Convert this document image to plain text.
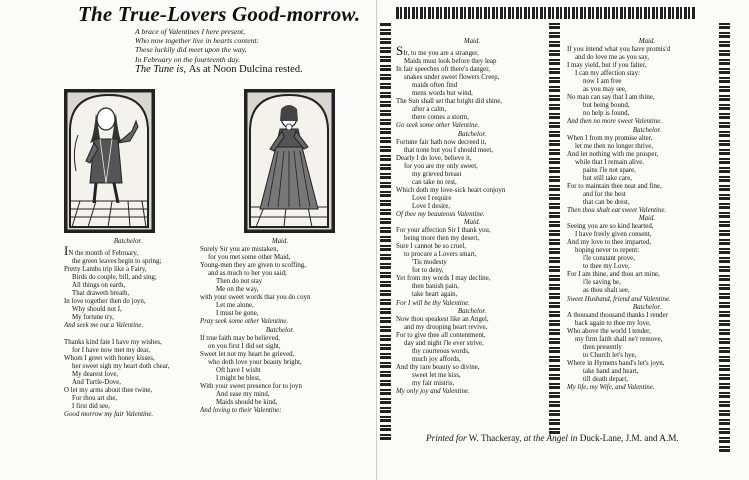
The True-Lovers Good-morrow.
A brace of Valentines I here present,
Who now together live in hearts content:
These luckily did meet upon the way,
In February on the fourteenth day.
The Tune is, As at Noon Dulcina rested.
Batchelor.
IN the month of February,
the green leaves begin to spring;
Pretty Lambs trip like a Fairy,
Birds do couple, bill, and sing;
All things on earth,
That draweth breath,
In love together then do joyn,
Why should not I,
My fortune try,
And seek me out a Valentine.
Thanks kind fate I have my wishes,
for I have now met my dear,
Whom I greet with honey kisses,
her sweet sigh my heart doth chear,
My dearest love,
And Turtle-Dove,
O let my arms about thee twine,
For thou art she,
I first did see,
Good morrow my fair Valentine.
Maid.
Surely Sir you are mistaken,
for you met some other Maid,
Young-men they are given to scoffing,
and as much to her you said;
Then do not stay
Me on the way,
with your sweet words that you do coyn
Let me alone,
I must be gone,
Pray seek some other Valentine.
Batchelor.
If true faith may be believed,
on you first I did set sight,
Sweet let not my heart be grieved,
who doth love your beauty bright,
Oft have I wisht
I might be blest,
With your sweet presence for to joyn
And ease my mind,
Maids should be kind,
And loving to their Valentine:
Maid.
SIr, to me you are a stranger,
Maids must look before they leap
In fair speeches oft there's danger,
snakes under sweet flowers Creep,
maids often find
mens words but wind,
The Sun shall set that bright did shine,
after a calm,
there comes a storm,
Go seek some other Valentine.
Batchelor.
Fortune fair hath now decreed it,
that none but you I should meet,
Dearly I do love, believe it,
for you are my only sweet,
my grieved breast
can take no rest,
Which doth my love-sick heart conjoyn
Love I require
Love I desire,
Of thee my beauteous Valentine.
Maid.
For your affection Sir I thank you,
being more then my desert,
Sure I cannot be so cruel,
to procure a Lovers smart,
'Tis modesty
for to deny,
Yet from my words I may decline,
then banish pain,
take heart again,
For I will be thy Valentine.
Batchelor.
Now thou speakest like an Angel,
and my drooping heart revive,
For to give thee all contentment,
day and night i'le ever strive,
thy courteous words,
much joy affords,
And thy rare beauty so divine,
sweet let me kiss,
my fair mistris,
My only joy and Valentine.
Maid.
If you intend what you have promis'd
and do love me as you say,
I may yield, but if you falter,
I can my affection stay:
now I am free
as you may see,
No man can say that I am thine,
but being bound,
no help is found,
And then no more sweet Valentine.
Batchelor.
When I from my promise alter,
let me then no longer thrive,
And let nothing with me prosper,
while that I remain alive.
pains i'le not spare,
but still take care,
For to maintain thee neat and fine,
and for the best
that can be drest,
Then thou shalt eat sweet Valentine.
Maid.
Seeing you are so kind hearted,
I have freely given consent,
And my love to thee imparted,
hoping never to repent:
i'le constant prove,
to thee my Love,
For I am thine, and thou art mine,
i'le saving be,
as thou shalt see,
Sweet Husband, friend and Valentine.
Batchelor.
A thousand thousand thanks I render
back again to thee my love,
Who above the world I tender,
my firm faith shall ne'r remove,
then presently
to Church let's hye,
Where in Hymens band's let's joyn,
take hand and heart,
till death depart,
My life, my Wife, and Valentine.
Printed for W. Thackeray, at the Angel in Duck-Lane, J.M. and A.M.
